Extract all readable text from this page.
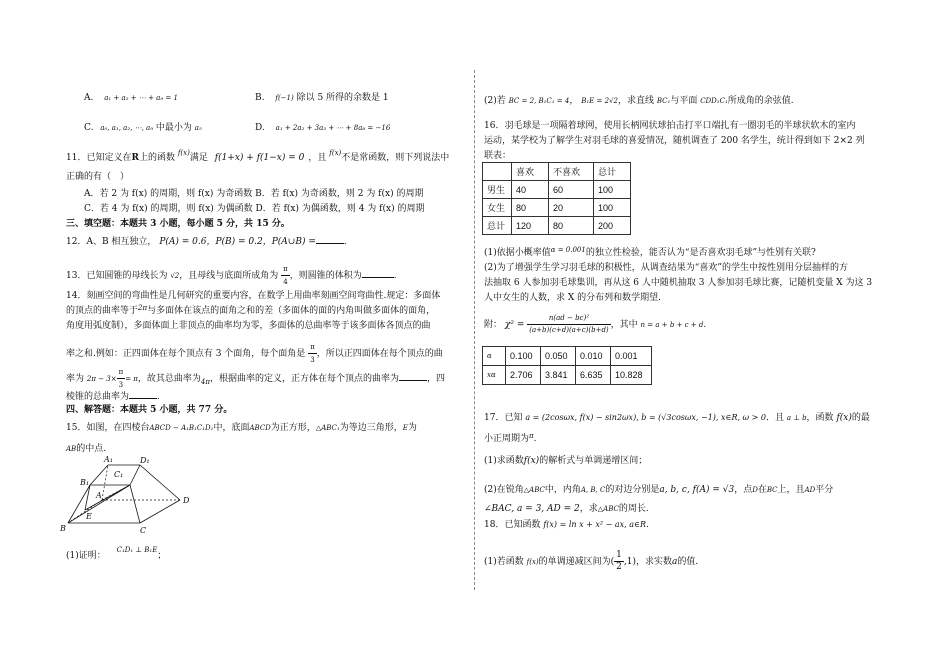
A. a₁ + a₂ + ⋯ + a₉ = 1	B. f(−1) 除以 5 所得的余数是 1
C. a₀, a₁, a₂, ⋯, a₉ 中最小为 a₅	D. a₁ + 2a₂ + 3a₃ + ⋯ + 8a₈ = −16
11．已知定义在R上的函数 $^{f(x)}$满足 f(1+x) + f(1−x) = 0 ，且 $^{f(x)}$不是常函数，则下列说法中
正确的有（　）
A．若 2 为 f(x) 的周期，则 f(x) 为奇函数 B．若 f(x) 为奇函数，则 2 为 f(x) 的周期
C．若 4 为 f(x) 的周期，则 f(x) 为偶函数 D．若 f(x) 为偶函数，则 4 为 f(x) 的周期
三、填空题：本题共 3 小题，每小题 5 分，共 15 分。
12．A、B 相互独立， P(A) = 0.6，P(B) = 0.2，P(A∪B) =	.
13．已知圆锥的母线长为 √2，且母线与底面所成角为 $\frac{\pi}{4}$ ，则圆锥的体积为	.
14．刻画空间的弯曲性是几何研究的重要内容，在数学上用曲率刻画空间弯曲性.规定：多面体
的顶点的曲率等于$^{2\pi}$与多面体在该点的面角之和的差（多面体的面的内角叫做多面体的面角，
角度用弧度制），多面体面上非顶点的曲率均为零，多面体的总曲率等于该多面体各顶点的曲
率之和.例如：正四面体在每个顶点有 3 个面角，每个面角是 $\frac{\pi}{3}$ ，所以正四面体在每个顶点的曲
率为 $2\pi - 3\times \frac{\pi}{3} = \pi$，故其总曲率为$_{4\pi}$，根据曲率的定义，正方体在每个顶点的曲率为	，四
棱锥的总曲率为	.
四、解答题：本题共 5 小题，共 77 分。
15．如图，在四棱台ABCD − A₁B₁C₁D₁中，底面ABCD为正方形，△ABC₁为等边三角形，E为
AB的中点.
A₁	D₁
C₁
B₁
A
B	C
D
E
(1)证明： $^{C_1D_1 \perp B_1E}$；
(2)若 BC = 2, B₁C₁ = 4， B₁E = 2√2，求直线 BC₁与平面 CDD₁C₁所成角的余弦值.
16．羽毛球是一项隔着球网，使用长柄网状球拍击打平口端扎有一圈羽毛的半球状软木的室内
运动，某学校为了解学生对羽毛球的喜爱情况，随机调查了 200 名学生，统计得到如下 2×2 列
联表：
	喜欢	不喜欢	总计
男生	40	60	100
女生	80	20	100
总计	120	80	200
(1)依据小概率值$^{\alpha = 0.001}$的独立性检验，能否认为“是否喜欢羽毛球”与性别有关联?
(2)为了增强学生学习羽毛球的积极性，从调查结果为“喜欢”的学生中按性别用分层抽样的方
法抽取 6 人参加羽毛球集训，再从这 6 人中随机抽取 3 人参加羽毛球比赛，记随机变量 X 为这 3
人中女生的人数，求 X 的分布列和数学期望.
附： $\chi^2 = \frac{\text{n(ad − bc)²}}{(a+b)(c+d)(a+c)(b+d)}$ ，其中 n = a + b + c + d.
α	0.100	0.050	0.010	0.001
xα	2.706	3.841	6.635	10.828
17．已知 a = (2cosωx, f(x) − sin2ωx), b = (√3cosωx, −1), x∈R, ω > 0．且 a ⊥ b，函数 f(x)的最
小正周期为$^\pi$.
(1)求函数f(x)的解析式与单调递增区间；
(2)在锐角△ABC中，内角A, B, C的对边分别是a, b, c, f(A) = √3，点D在BC上，且AD平分
∠BAC, a = 3, AD = 2，求△ABC的周长.
18．已知函数 f(x) = ln x + x² − ax, a∈R.
(1)若函数 f(x)的单调递减区间为( $\frac{1}{2} ,1$)，求实数a的值.
